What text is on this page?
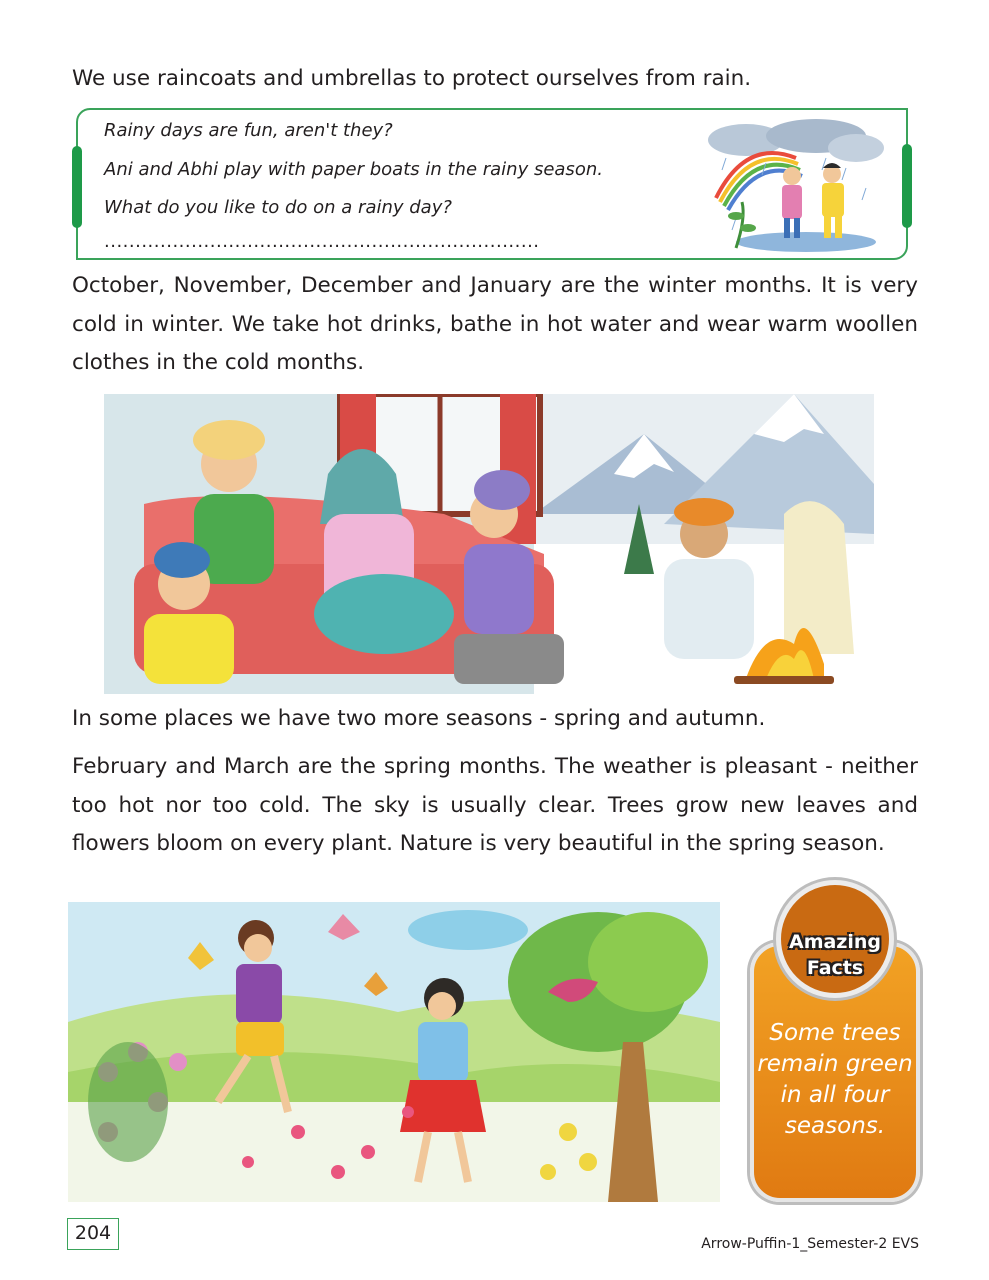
We use raincoats and umbrellas to protect ourselves from rain.

Rainy days are fun, aren't they?
Ani and Abhi play with paper boats in the rainy season.
What do you like to do on a rainy day?
......................................................................

October, November, December and January are the winter months. It is very cold in winter. We take hot drinks, bathe in hot water and wear warm woollen clothes in the cold months.

In some places we have two more seasons - spring and autumn.

February and March are the spring months. The weather is pleasant - neither too hot nor too cold. The sky is usually clear. Trees grow new leaves and flowers bloom on every plant. Nature is very beautiful in the spring season.

Amazing
Facts
Some trees remain green in all four seasons.
204	Arrow-Puffin-1_Semester-2 EVS
